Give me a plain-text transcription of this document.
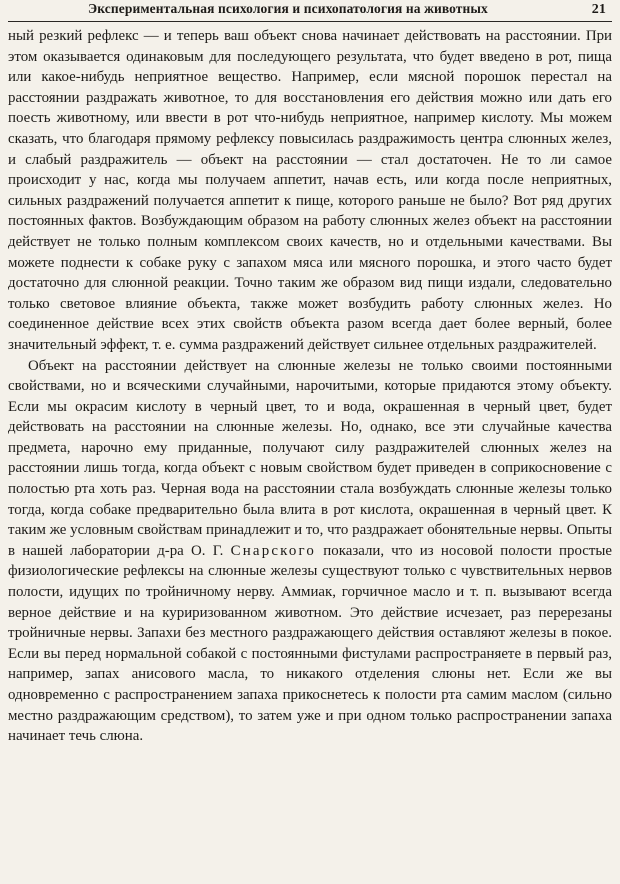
Экспериментальная психология и психопатология на животных	21

ный резкий рефлекс — и теперь ваш объект снова начинает действовать на расстоянии. При этом оказывается одинаковым для последующего результата, что будет введено в рот, пища или какое-нибудь неприятное вещество. Например, если мясной порошок перестал на расстоянии раздражать животное, то для восстановления его действия можно или дать его поесть животному, или ввести в рот что-нибудь неприятное, например кислоту. Мы можем сказать, что благодаря прямому рефлексу повысилась раздражимость центра слюнных желез, и слабый раздражитель — объект на расстоянии — стал достаточен. Не то ли самое происходит у нас, когда мы получаем аппетит, начав есть, или когда после неприятных, сильных раздражений получается аппетит к пище, которого раньше не было? Вот ряд других постоянных фактов. Возбуждающим образом на работу слюнных желез объект на расстоянии действует не только полным комплексом своих качеств, но и отдельными качествами. Вы можете поднести к собаке руку с запахом мяса или мясного порошка, и этого часто будет достаточно для слюнной реакции. Точно таким же образом вид пищи издали, следовательно только световое влияние объекта, также может возбудить работу слюнных желез. Но соединенное действие всех этих свойств объекта разом всегда дает более верный, более значительный эффект, т. е. сумма раздражений действует сильнее отдельных раздражителей.

Объект на расстоянии действует на слюнные железы не только своими постоянными свойствами, но и всяческими случайными, нарочитыми, которые придаются этому объекту. Если мы окрасим кислоту в черный цвет, то и вода, окрашенная в черный цвет, будет действовать на расстоянии на слюнные железы. Но, однако, все эти случайные качества предмета, нарочно ему приданные, получают силу раздражителей слюнных желез на расстоянии лишь тогда, когда объект с новым свойством будет приведен в соприкосновение с полостью рта хоть раз. Черная вода на расстоянии стала возбуждать слюнные железы только тогда, когда собаке предварительно была влита в рот кислота, окрашенная в черный цвет. К таким же условным свойствам принадлежит и то, что раздражает обонятельные нервы. Опыты в нашей лаборатории д-ра О. Г. Снарского показали, что из носовой полости простые физиологические рефлексы на слюнные железы существуют только с чувствительных нервов полости, идущих по тройничному нерву. Аммиак, горчичное масло и т. п. вызывают всегда верное действие и на куриризованном животном. Это действие исчезает, раз перерезаны тройничные нервы. Запахи без местного раздражающего действия оставляют железы в покое. Если вы перед нормальной собакой с постоянными фистулами распространяете в первый раз, например, запах анисового масла, то никакого отделения слюны нет. Если же вы одновременно с распространением запаха прикоснетесь к полости рта самим маслом (сильно местно раздражающим средством), то затем уже и при одном только распространении запаха начинает течь слюна.
